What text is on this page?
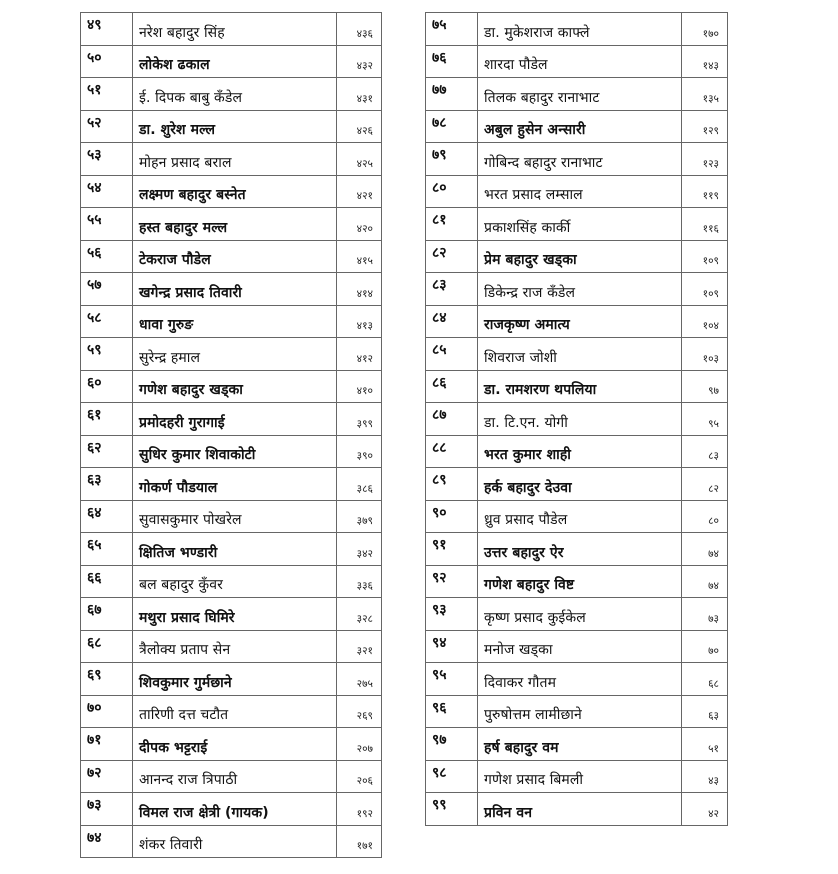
४९	नरेश बहादुर सिंह	४३६
५०	लोकेश ढकाल	४३२
५१	ई. दिपक बाबु कँडेल	४३१
५२	डा. शुरेश मल्ल	४२६
५३	मोहन प्रसाद बराल	४२५
५४	लक्ष्मण बहादुर बस्नेत	४२१
५५	हस्त बहादुर मल्ल	४२०
५६	टेकराज पौडेल	४१५
५७	खगेन्द्र प्रसाद तिवारी	४१४
५८	धावा गुरुङ	४१३
५९	सुरेन्द्र हमाल	४१२
६०	गणेश बहादुर खड्का	४१०
६१	प्रमोदहरी गुरागाई	३९९
६२	सुधिर कुमार शिवाकोटी	३९०
६३	गोकर्ण पौडयाल	३८६
६४	सुवासकुमार पोखरेल	३७९
६५	क्षितिज भण्डारी	३४२
६६	बल बहादुर कुँवर	३३६
६७	मथुरा प्रसाद घिमिरे	३२८
६८	त्रैलोक्य प्रताप सेन	३२१
६९	शिवकुमार गुर्मछाने	२७५
७०	तारिणी दत्त चटौत	२६९
७१	दीपक भट्टराई	२०७
७२	आनन्द राज त्रिपाठी	२०६
७३	विमल राज क्षेत्री (गायक)	१९२
७४	शंकर तिवारी	१७१
७५	डा. मुकेशराज काफ्ले	१७०
७६	शारदा पौडेल	१४३
७७	तिलक बहादुर रानाभाट	१३५
७८	अबुल हुसेन अन्सारी	१२९
७९	गोबिन्द बहादुर रानाभाट	१२३
८०	भरत प्रसाद लम्साल	११९
८१	प्रकाशसिंह कार्की	११६
८२	प्रेम बहादुर खड्का	१०९
८३	डिकेन्द्र राज कँडेल	१०९
८४	राजकृष्ण अमात्य	१०४
८५	शिवराज जोशी	१०३
८६	डा. रामशरण थपलिया	९७
८७	डा. टि.एन. योगी	९५
८८	भरत कुमार शाही	८३
८९	हर्क बहादुर देउवा	८२
९०	ध्रुव प्रसाद पौडेल	८०
९१	उत्तर बहादुर ऐर	७४
९२	गणेश बहादुर विष्ट	७४
९३	कृष्ण प्रसाद कुईकेल	७३
९४	मनोज खड्का	७०
९५	दिवाकर गौतम	६८
९६	पुरुषोत्तम लामीछाने	६३
९७	हर्ष बहादुर वम	५१
९८	गणेश प्रसाद बिमली	४३
९९	प्रविन वन	४२
